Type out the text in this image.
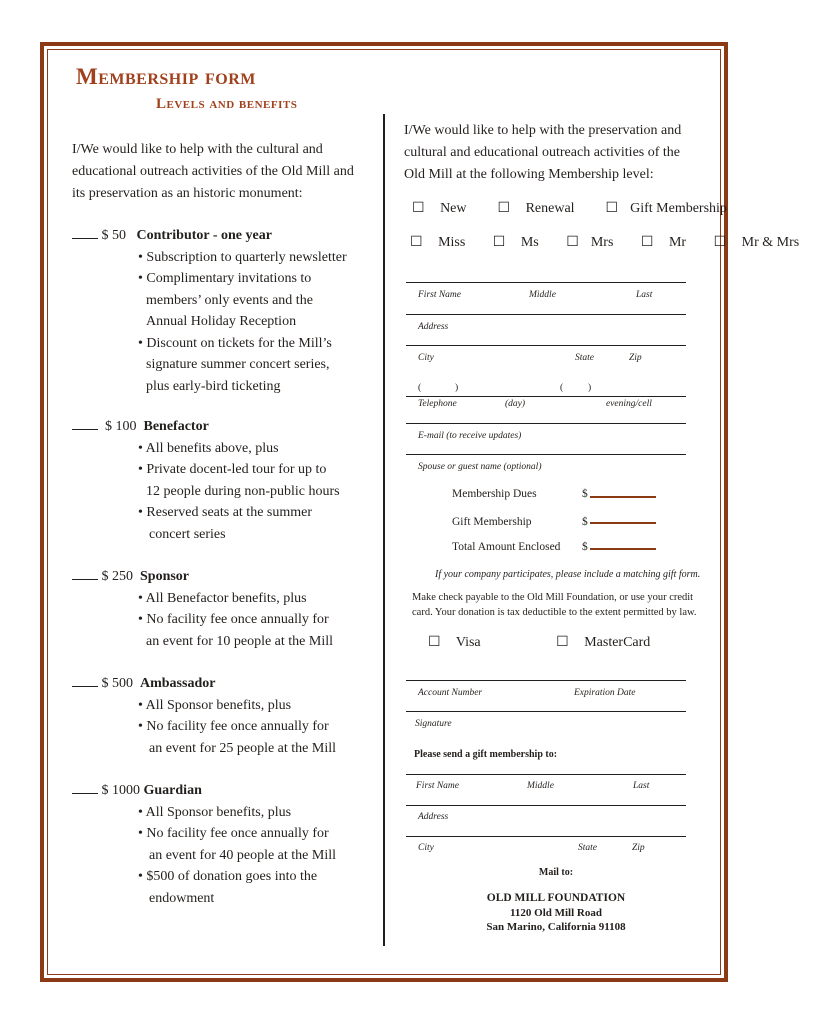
Membership form
Levels and benefits
I/We would like to help with the cultural and educational outreach activities of the Old Mill and its preservation as an historic monument:
$ 50 Contributor - one year
• Subscription to quarterly newsletter
• Complimentary invitations to
members’ only events and the
Annual Holiday Reception
• Discount on tickets for the Mill’s
signature summer concert series,
plus early-bird ticketing
$ 100 Benefactor
• All benefits above, plus
• Private docent-led tour for up to
12 people during non-public hours
• Reserved seats at the summer
concert series
$ 250 Sponsor
• All Benefactor benefits, plus
• No facility fee once annually for
an event for 10 people at the Mill
$ 500 Ambassador
• All Sponsor benefits, plus
• No facility fee once annually for
an event for 25 people at the Mill
$ 1000 Guardian
• All Sponsor benefits, plus
• No facility fee once annually for
an event for 40 people at the Mill
• $500 of donation goes into the
endowment
I/We would like to help with the preservation and cultural and educational outreach activities of the Old Mill at the following Membership level:
☐ New ☐ Renewal ☐ Gift Membership
☐ Miss ☐ Ms ☐ Mrs ☐ Mr ☐ Mr & Mrs
First Name	Middle	Last
Address
City	State	Zip
(	)	(	)
Telephone	(day)	evening/cell
E-mail (to receive updates)
Spouse or guest name (optional)
Membership Dues	$
Gift Membership	$
Total Amount Enclosed $
If your company participates, please include a matching gift form.
Make check payable to the Old Mill Foundation, or use your credit card. Your donation is tax deductible to the extent permitted by law.
☐ Visa	☐ MasterCard
Account Number	Expiration Date
Signature
Please send a gift membership to:
First Name	Middle	Last
Address
City	State	Zip
Mail to:
OLD MILL FOUNDATION
1120 Old Mill Road
San Marino, California 91108
